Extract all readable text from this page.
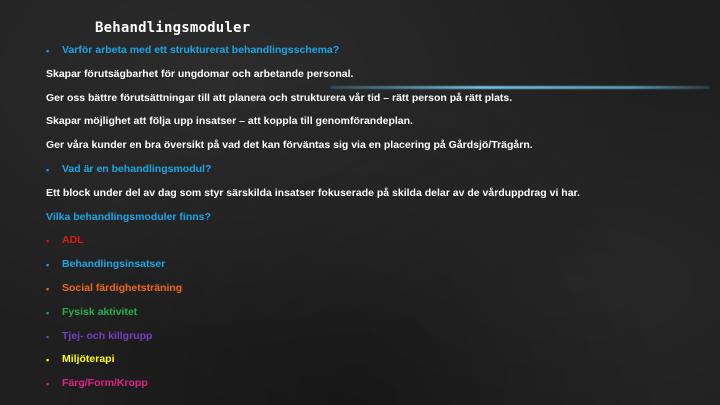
Behandlingsmoduler
▪ Varför arbeta med ett strukturerat behandlingsschema?
Skapar förutsägbarhet för ungdomar och arbetande personal.
Ger oss bättre förutsättningar till att planera och strukturera vår tid – rätt person på rätt plats.
Skapar möjlighet att följa upp insatser – att koppla till genomförandeplan.
Ger våra kunder en bra översikt på vad det kan förväntas sig via en placering på Gårdsjö/Trägårn.
▪ Vad är en behandlingsmodul?
Ett block under del av dag som styr särskilda insatser fokuserade på skilda delar av de vårduppdrag vi har.
Vilka behandlingsmoduler finns?
▪ ADL
▪ Behandlingsinsatser
▪ Social färdighetsträning
▪ Fysisk aktivitet
▪ Tjej- och killgrupp
▪ Miljöterapi
▪ Färg/Form/Kropp
